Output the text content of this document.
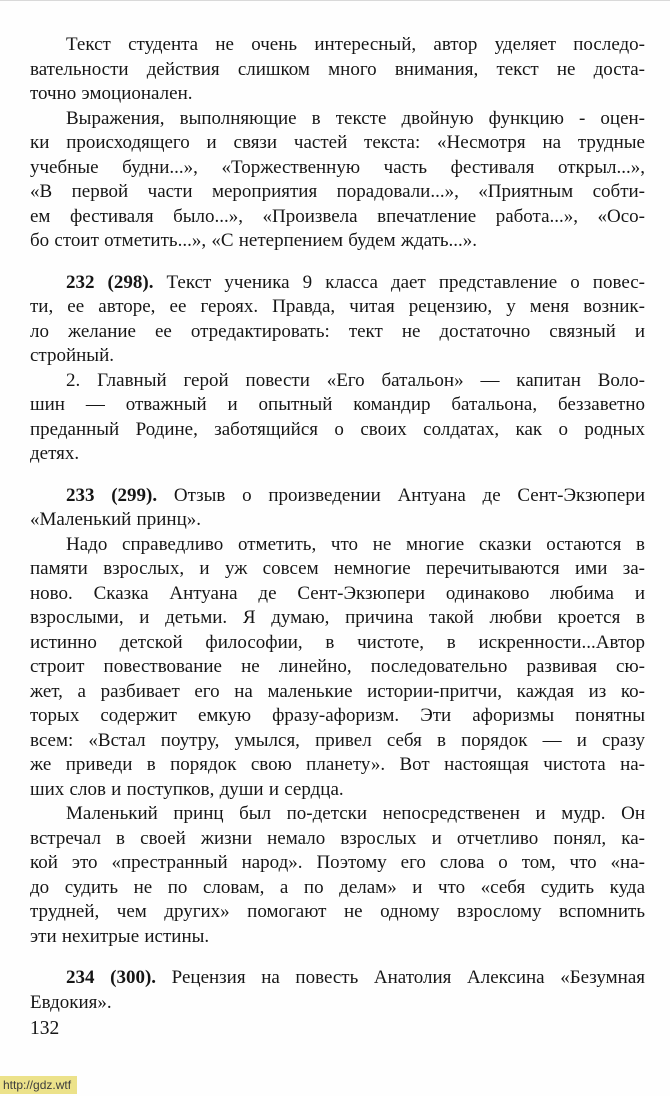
Текст студента не очень интересный, автор уделяет последо-
вательности действия слишком много внимания, текст не доста-
точно эмоционален.
Выражения, выполняющие в тексте двойную функцию - оцен-
ки происходящего и связи частей текста: «Несмотря на трудные
учебные будни...», «Торжественную часть фестиваля открыл...»,
«В первой части мероприятия порадовали...», «Приятным собти-
ем фестиваля было...», «Произвела впечатление работа...», «Осо-
бо стоит отметить...», «С нетерпением будем ждать...».
232 (298). Текст ученика 9 класса дает представление о повес-
ти, ее авторе, ее героях. Правда, читая рецензию, у меня возник-
ло желание ее отредактировать: тект не достаточно связный и
стройный.
2. Главный герой повести «Его батальон» — капитан Воло-
шин — отважный и опытный командир батальона, беззаветно
преданный Родине, заботящийся о своих солдатах, как о родных
детях.
233 (299). Отзыв о произведении Антуана де Сент-Экзюпери
«Маленький принц».
Надо справедливо отметить, что не многие сказки остаются в
памяти взрослых, и уж совсем немногие перечитываются ими за-
ново. Сказка Антуана де Сент-Экзюпери одинаково любима и
взрослыми, и детьми. Я думаю, причина такой любви кроется в
истинно детской философии, в чистоте, в искренности...Автор
строит повествование не линейно, последовательно развивая сю-
жет, а разбивает его на маленькие истории-притчи, каждая из ко-
торых содержит емкую фразу-афоризм. Эти афоризмы понятны
всем: «Встал поутру, умылся, привел себя в порядок — и сразу
же приведи в порядок свою планету». Вот настоящая чистота на-
ших слов и поступков, души и сердца.
Маленький принц был по-детски непосредственен и мудр. Он
встречал в своей жизни немало взрослых и отчетливо понял, ка-
кой это «престранный народ». Поэтому его слова о том, что «на-
до судить не по словам, а по делам» и что «себя судить куда
трудней, чем других» помогают не одному взрослому вспомнить
эти нехитрые истины.
234 (300). Рецензия на повесть Анатолия Алексина «Безумная
Евдокия».
132
http://gdz.wtf
